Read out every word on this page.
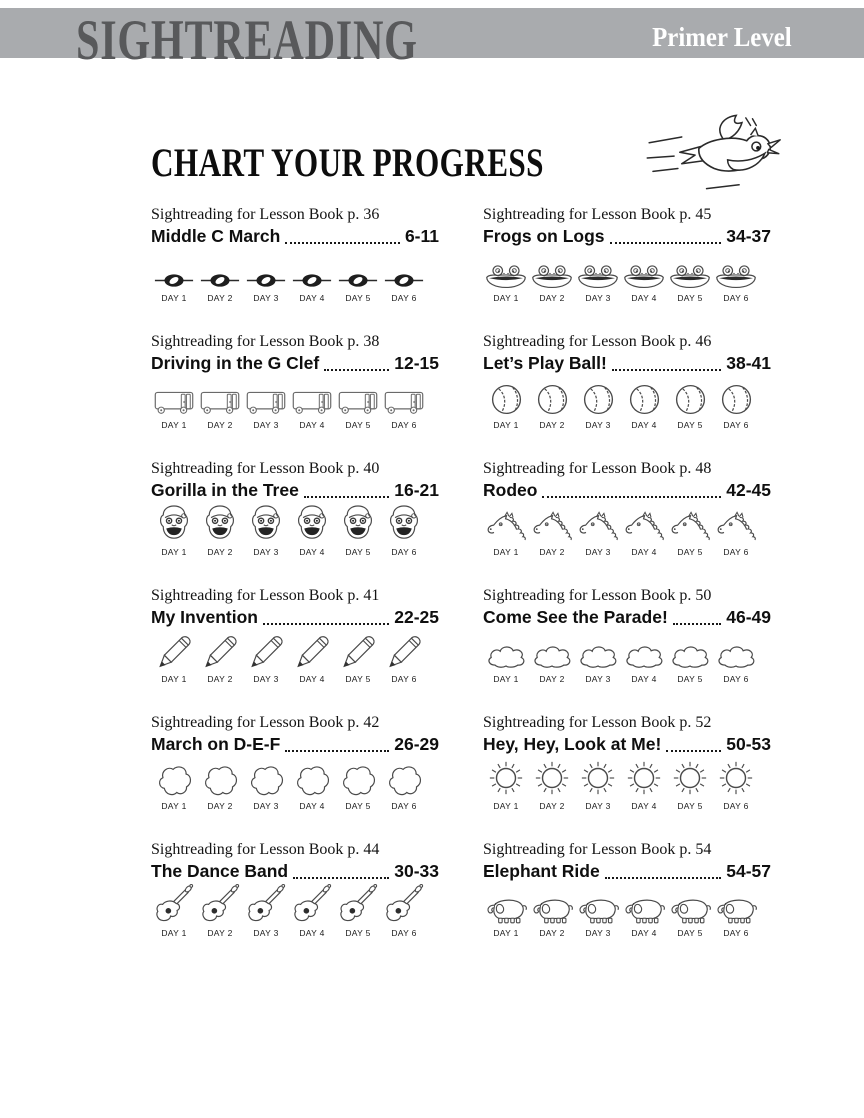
SIGHTREADING	Primer Level
CHART YOUR PROGRESS
Sightreading for Lesson Book p. 36
Middle C March	6-11
DAY 1 DAY 2 DAY 3 DAY 4 DAY 5 DAY 6
Sightreading for Lesson Book p. 45
Frogs on Logs	34-37
DAY 1 DAY 2 DAY 3 DAY 4 DAY 5 DAY 6
Sightreading for Lesson Book p. 38
Driving in the G Clef	12-15
DAY 1 DAY 2 DAY 3 DAY 4 DAY 5 DAY 6
Sightreading for Lesson Book p. 46
Let’s Play Ball!	38-41
DAY 1 DAY 2 DAY 3 DAY 4 DAY 5 DAY 6
Sightreading for Lesson Book p. 40
Gorilla in the Tree	16-21
DAY 1 DAY 2 DAY 3 DAY 4 DAY 5 DAY 6
Sightreading for Lesson Book p. 48
Rodeo	42-45
DAY 1 DAY 2 DAY 3 DAY 4 DAY 5 DAY 6
Sightreading for Lesson Book p. 41
My Invention	22-25
DAY 1 DAY 2 DAY 3 DAY 4 DAY 5 DAY 6
Sightreading for Lesson Book p. 50
Come See the Parade!	46-49
DAY 1 DAY 2 DAY 3 DAY 4 DAY 5 DAY 6
Sightreading for Lesson Book p. 42
March on D-E-F	26-29
DAY 1 DAY 2 DAY 3 DAY 4 DAY 5 DAY 6
Sightreading for Lesson Book p. 52
Hey, Hey, Look at Me!	50-53
DAY 1 DAY 2 DAY 3 DAY 4 DAY 5 DAY 6
Sightreading for Lesson Book p. 44
The Dance Band	30-33
DAY 1 DAY 2 DAY 3 DAY 4 DAY 5 DAY 6
Sightreading for Lesson Book p. 54
Elephant Ride	54-57
DAY 1 DAY 2 DAY 3 DAY 4 DAY 5 DAY 6
